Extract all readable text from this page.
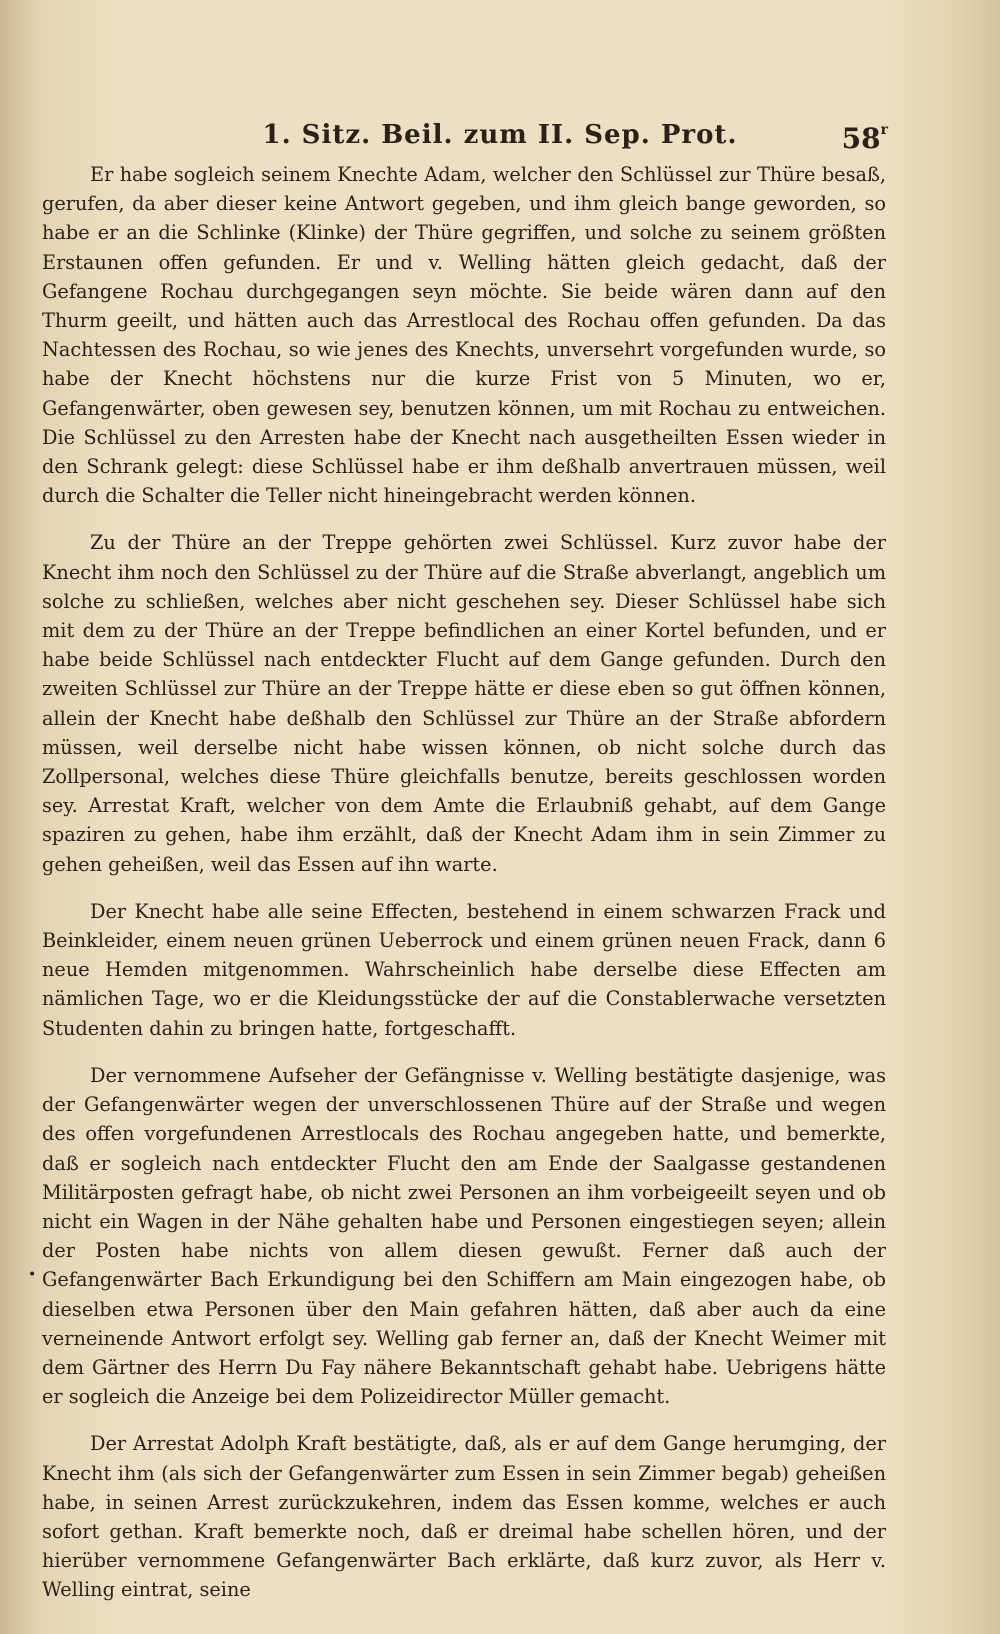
1. Sitz. Beil. zum II. Sep. Prot.	58$^r$

Er habe sogleich seinem Knechte Adam, welcher den Schlüssel zur Thüre besaß, gerufen, da aber dieser keine Antwort gegeben, und ihm gleich bange geworden, so habe er an die Schlinke (Klinke) der Thüre gegriffen, und solche zu seinem größten Erstaunen offen gefunden. Er und v. Welling hätten gleich gedacht, daß der Gefangene Rochau durchgegangen seyn möchte. Sie beide wären dann auf den Thurm geeilt, und hätten auch das Arrestlocal des Rochau offen gefunden. Da das Nachtessen des Rochau, so wie jenes des Knechts, unversehrt vorgefunden wurde, so habe der Knecht höchstens nur die kurze Frist von 5 Minuten, wo er, Gefangenwärter, oben gewesen sey, benutzen können, um mit Rochau zu entweichen. Die Schlüssel zu den Arresten habe der Knecht nach ausgetheilten Essen wieder in den Schrank gelegt: diese Schlüssel habe er ihm deßhalb anvertrauen müssen, weil durch die Schalter die Teller nicht hineingebracht werden können.

Zu der Thüre an der Treppe gehörten zwei Schlüssel. Kurz zuvor habe der Knecht ihm noch den Schlüssel zu der Thüre auf die Straße abverlangt, angeblich um solche zu schließen, welches aber nicht geschehen sey. Dieser Schlüssel habe sich mit dem zu der Thüre an der Treppe befindlichen an einer Kortel befunden, und er habe beide Schlüssel nach entdeckter Flucht auf dem Gange gefunden. Durch den zweiten Schlüssel zur Thüre an der Treppe hätte er diese eben so gut öffnen können, allein der Knecht habe deßhalb den Schlüssel zur Thüre an der Straße abfordern müssen, weil derselbe nicht habe wissen können, ob nicht solche durch das Zollpersonal, welches diese Thüre gleichfalls benutze, bereits geschlossen worden sey. Arrestat Kraft, welcher von dem Amte die Erlaubniß gehabt, auf dem Gange spaziren zu gehen, habe ihm erzählt, daß der Knecht Adam ihm in sein Zimmer zu gehen geheißen, weil das Essen auf ihn warte.

Der Knecht habe alle seine Effecten, bestehend in einem schwarzen Frack und Beinkleider, einem neuen grünen Ueberrock und einem grünen neuen Frack, dann 6 neue Hemden mitgenommen. Wahrscheinlich habe derselbe diese Effecten am nämlichen Tage, wo er die Kleidungsstücke der auf die Constablerwache versetzten Studenten dahin zu bringen hatte, fortgeschafft.

Der vernommene Aufseher der Gefängnisse v. Welling bestätigte dasjenige, was der Gefangenwärter wegen der unverschlossenen Thüre auf der Straße und wegen des offen vorgefundenen Arrestlocals des Rochau angegeben hatte, und bemerkte, daß er sogleich nach entdeckter Flucht den am Ende der Saalgasse gestandenen Militärposten gefragt habe, ob nicht zwei Personen an ihm vorbeigeeilt seyen und ob nicht ein Wagen in der Nähe gehalten habe und Personen eingestiegen seyen; allein der Posten habe nichts von allem diesen gewußt. Ferner daß auch der Gefangenwärter Bach Erkundigung bei den Schiffern am Main eingezogen habe, ob dieselben etwa Personen über den Main gefahren hätten, daß aber auch da eine verneinende Antwort erfolgt sey. Welling gab ferner an, daß der Knecht Weimer mit dem Gärtner des Herrn Du Fay nähere Bekanntschaft gehabt habe. Uebrigens hätte er sogleich die Anzeige bei dem Polizeidirector Müller gemacht.

Der Arrestat Adolph Kraft bestätigte, daß, als er auf dem Gange herumging, der Knecht ihm (als sich der Gefangenwärter zum Essen in sein Zimmer begab) geheißen habe, in seinen Arrest zurückzukehren, indem das Essen komme, welches er auch sofort gethan. Kraft bemerkte noch, daß er dreimal habe schellen hören, und der hierüber vernommene Gefangenwärter Bach erklärte, daß kurz zuvor, als Herr v. Welling eintrat, seine

•
